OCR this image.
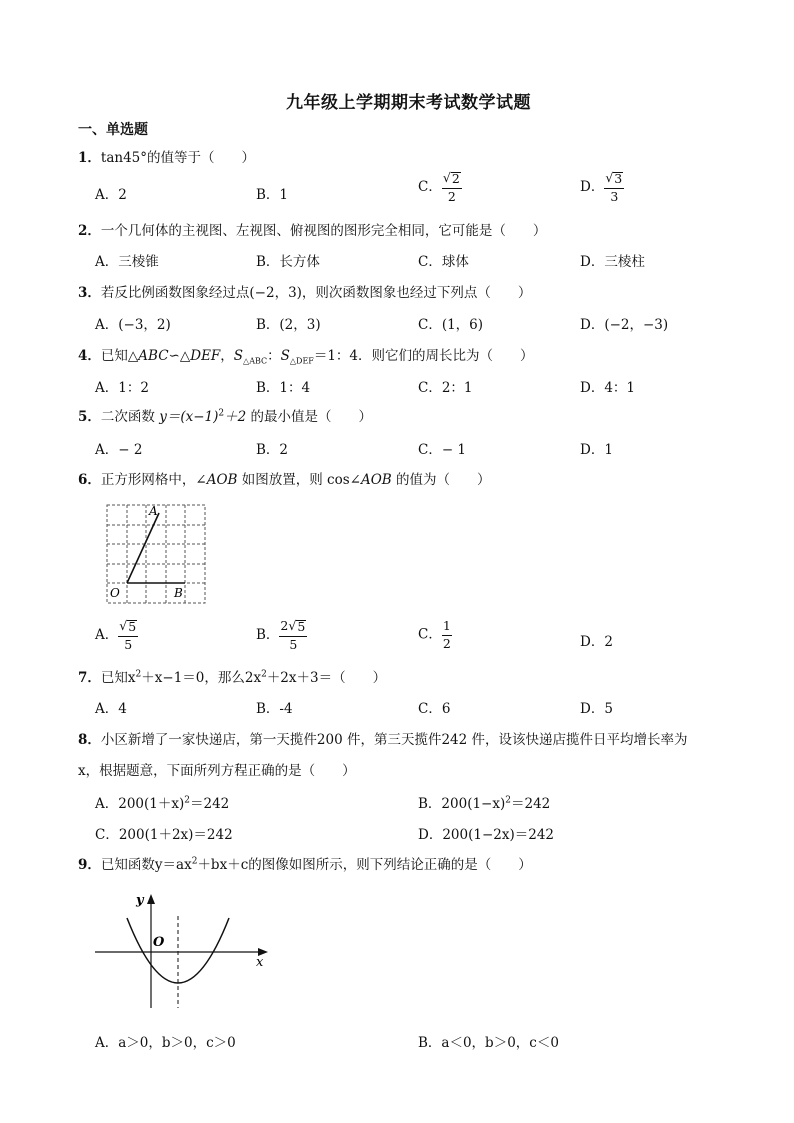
九年级上学期期末考试数学试题
一、单选题
1．tan45°的值等于（　　）
A．2	B．1	C． $\frac{√ 2}{2}$	D． $\frac{√ 3}{3}$
2．一个几何体的主视图、左视图、俯视图的图形完全相同，它可能是（　　）
A．三棱锥	B．长方体	C．球体	D．三棱柱
3．若反比例函数图象经过点(−2，3)，则次函数图象也经过下列点（　　）
A．(−3，2)	B．(2，3)	C．(1，6)	D．(−2，−3)
4．已知△ABC∽△DEF，$S_{\triangle ABC}$：$S_{\triangle DEF}=1$：4．则它们的周长比为（　　）
A．1：2	B．1：4	C．2：1	D．4：1
5．二次函数 $y=(x-1)^2+2$ 的最小值是（　　）
A．− 2	B．2	C．− 1	D．1
6．正方形网格中，∠AOB 如图放置，则 cos∠AOB 的值为（　　）
A
O	B
A． $\frac{√ 5}{5}$	B． $\frac{2√ 5}{5}$	C． $\frac{1}{2}$	D．2
7．已知$x^2+x-1=0$，那么$2x^2+2x+3=$（　　）
A．4	B．-4	C．6	D．5
8．小区新增了一家快递店，第一天揽件200 件，第三天揽件242 件，设该快递店揽件日平均增长率为
x，根据题意，下面所列方程正确的是（　　）
A．$200(1+x)^2=242$	B．$200(1-x)^2=242$
C．200(1＋2x)＝242	D．200(1−2x)＝242
9．已知函数$y=ax^2+bx+c$的图像如图所示，则下列结论正确的是（　　）
y
O
x
A．a＞0，b＞0，c＞0	B．a＜0，b＞0，c＜0
